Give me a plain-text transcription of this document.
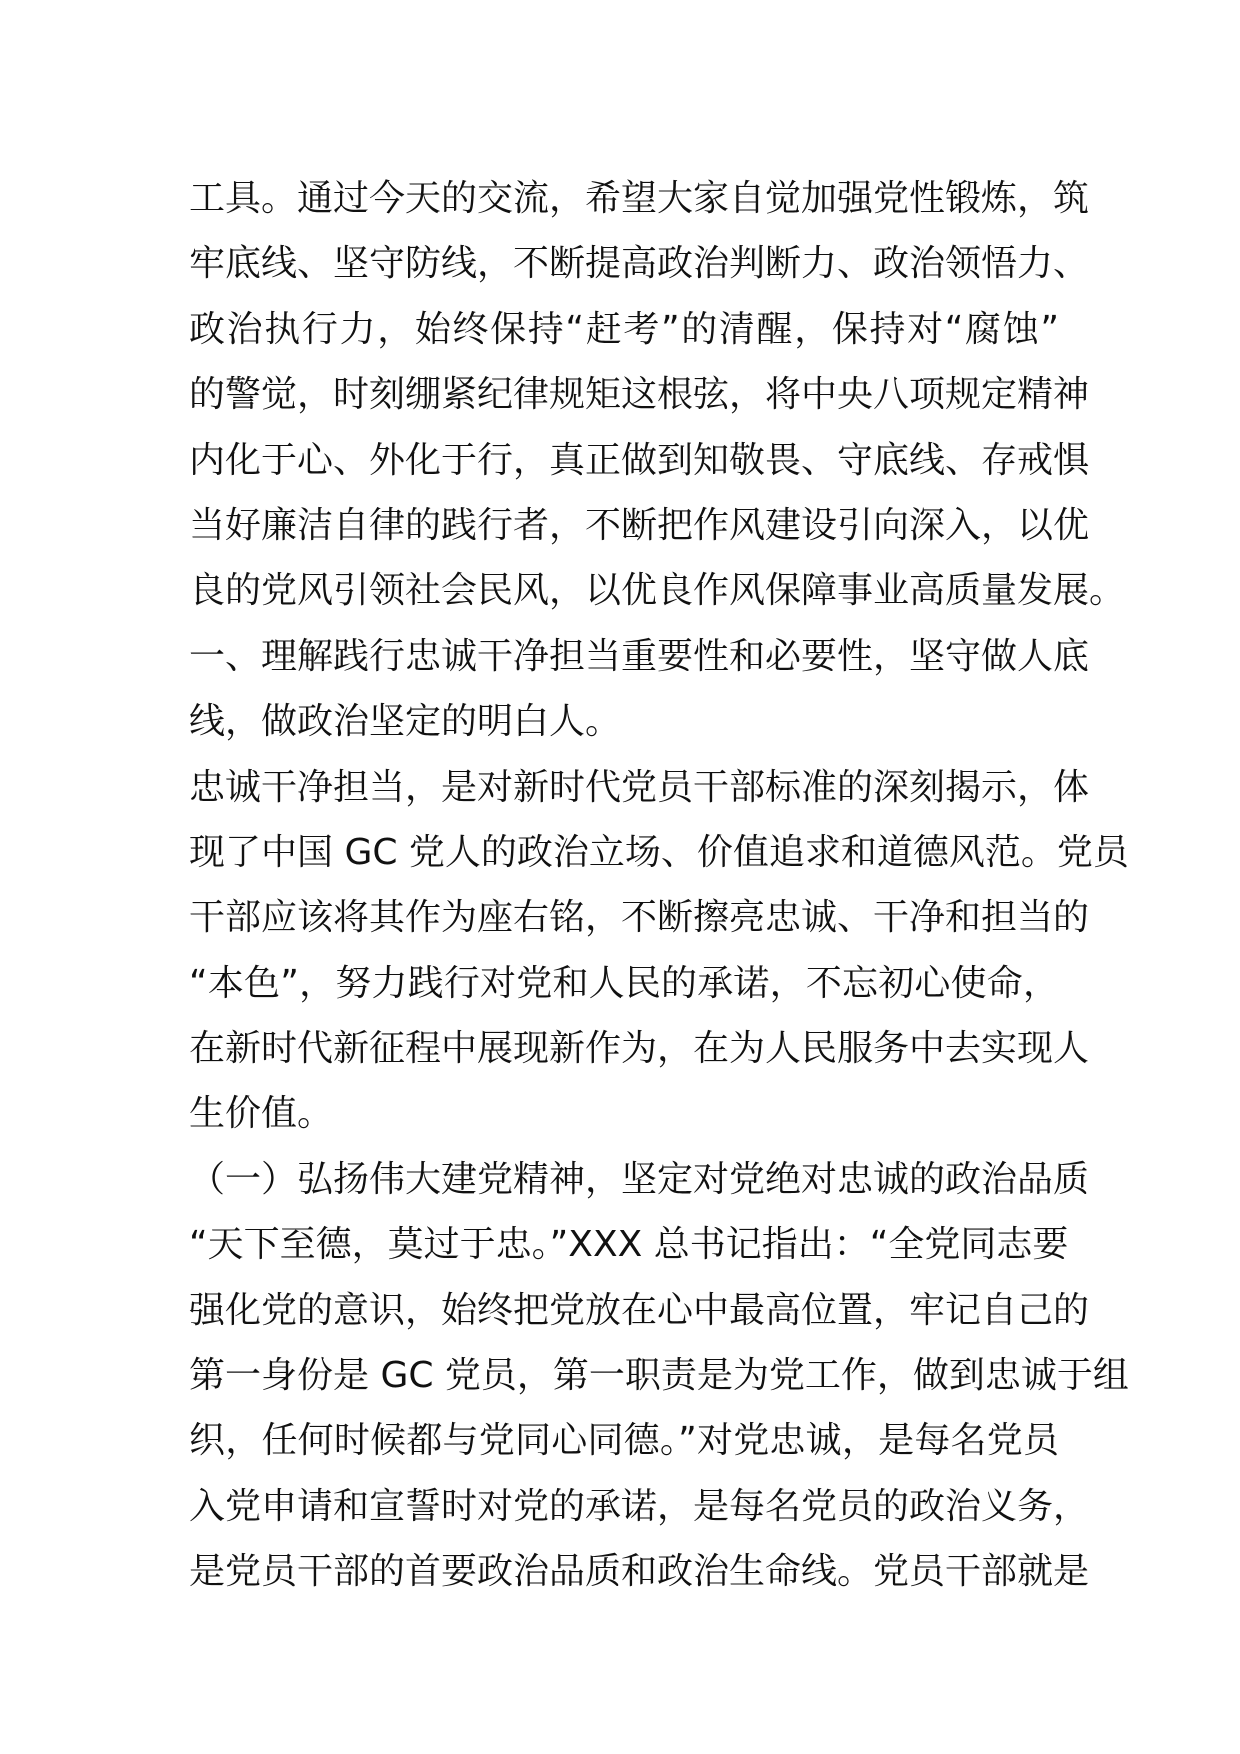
工具。通过今天的交流，希望大家自觉加强党性锻炼，筑
牢底线、坚守防线，不断提高政治判断力、政治领悟力、
政治执行力，始终保持“赶考”的清醒，保持对“腐蚀”
的警觉，时刻绷紧纪律规矩这根弦，将中央八项规定精神
内化于心、外化于行，真正做到知敬畏、守底线、存戒惧
当好廉洁自律的践行者，不断把作风建设引向深入，以优
良的党风引领社会民风，以优良作风保障事业高质量发展。
一、理解践行忠诚干净担当重要性和必要性，坚守做人底
线，做政治坚定的明白人。
忠诚干净担当，是对新时代党员干部标准的深刻揭示，体
现了中国 GC 党人的政治立场、价值追求和道德风范。党员
干部应该将其作为座右铭，不断擦亮忠诚、干净和担当的
“本色”，努力践行对党和人民的承诺，不忘初心使命，
在新时代新征程中展现新作为，在为人民服务中去实现人
生价值。
（一）弘扬伟大建党精神，坚定对党绝对忠诚的政治品质
“天下至德，莫过于忠。”XXX 总书记指出：“全党同志要
强化党的意识，始终把党放在心中最高位置，牢记自己的
第一身份是 GC 党员，第一职责是为党工作，做到忠诚于组
织，任何时候都与党同心同德。”对党忠诚，是每名党员
入党申请和宣誓时对党的承诺，是每名党员的政治义务，
是党员干部的首要政治品质和政治生命线。党员干部就是
